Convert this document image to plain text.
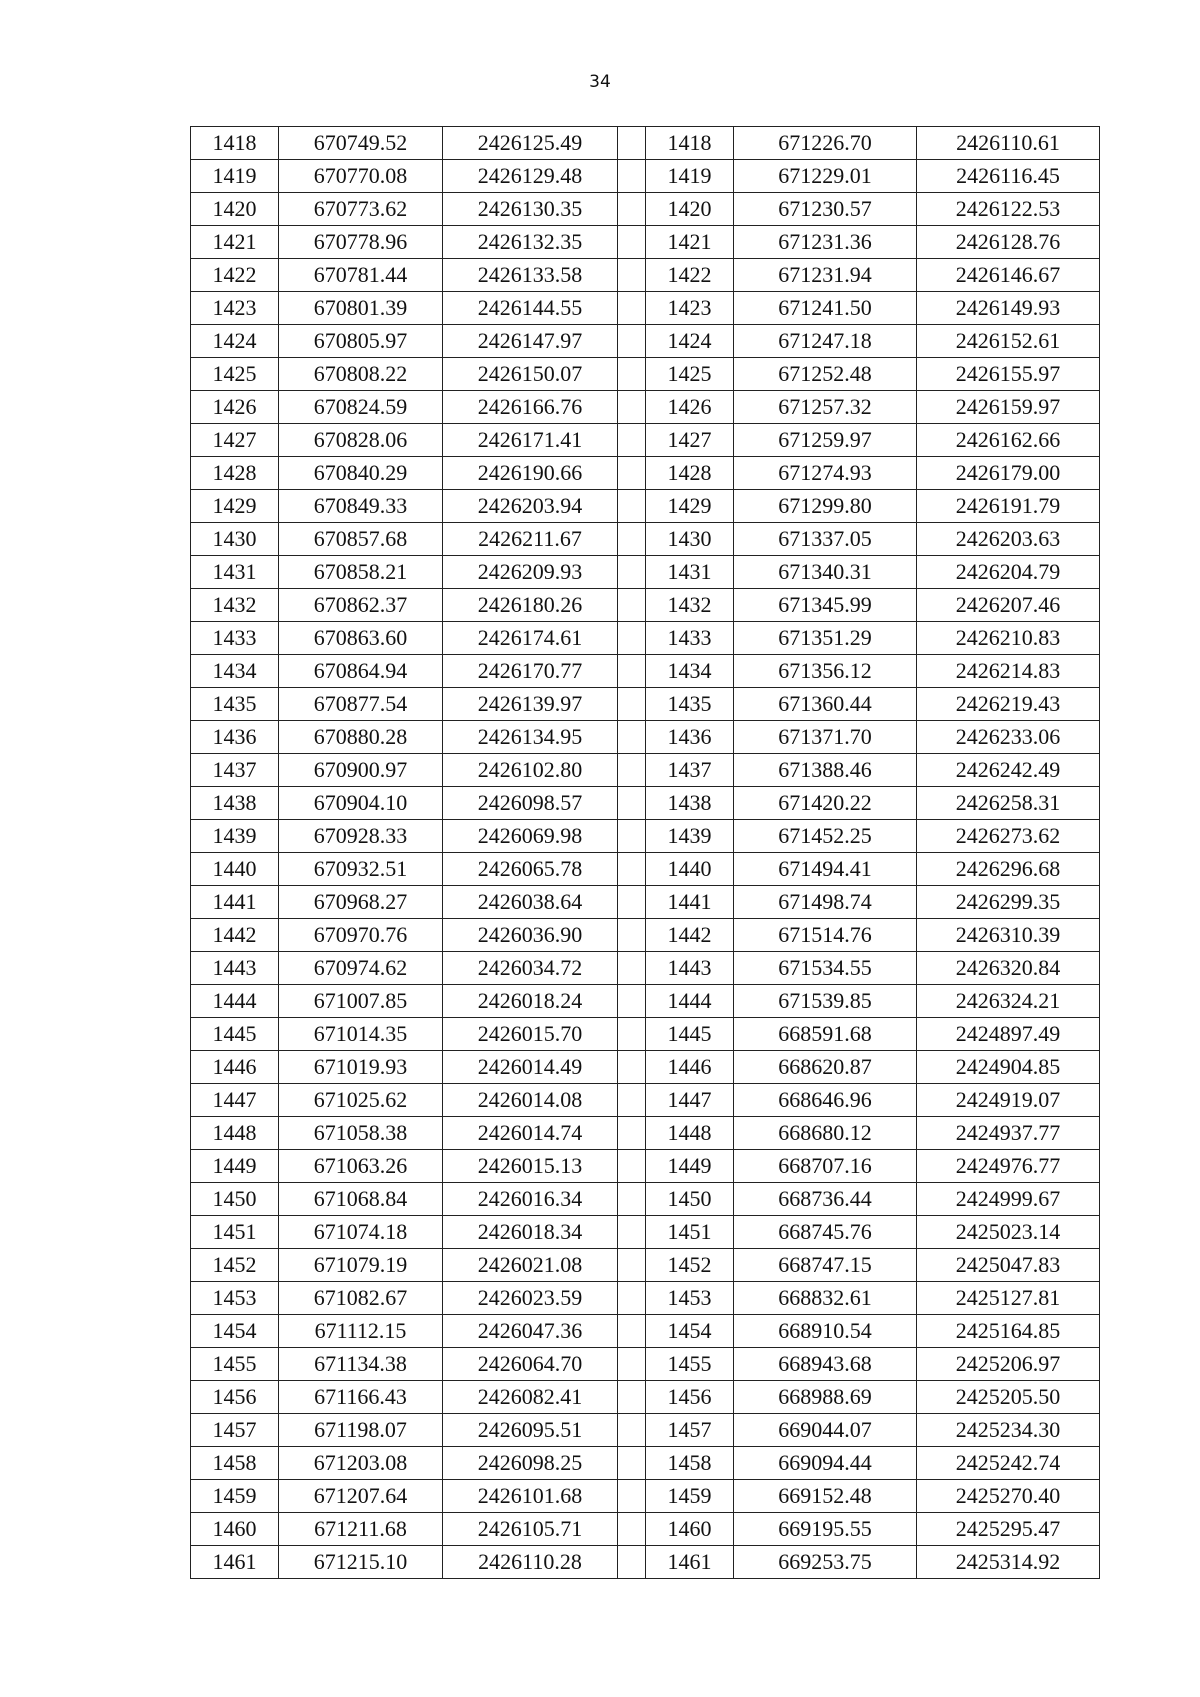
34
1418	670749.52	2426125.49		1418	671226.70	2426110.61
1419	670770.08	2426129.48		1419	671229.01	2426116.45
1420	670773.62	2426130.35		1420	671230.57	2426122.53
1421	670778.96	2426132.35		1421	671231.36	2426128.76
1422	670781.44	2426133.58		1422	671231.94	2426146.67
1423	670801.39	2426144.55		1423	671241.50	2426149.93
1424	670805.97	2426147.97		1424	671247.18	2426152.61
1425	670808.22	2426150.07		1425	671252.48	2426155.97
1426	670824.59	2426166.76		1426	671257.32	2426159.97
1427	670828.06	2426171.41		1427	671259.97	2426162.66
1428	670840.29	2426190.66		1428	671274.93	2426179.00
1429	670849.33	2426203.94		1429	671299.80	2426191.79
1430	670857.68	2426211.67		1430	671337.05	2426203.63
1431	670858.21	2426209.93		1431	671340.31	2426204.79
1432	670862.37	2426180.26		1432	671345.99	2426207.46
1433	670863.60	2426174.61		1433	671351.29	2426210.83
1434	670864.94	2426170.77		1434	671356.12	2426214.83
1435	670877.54	2426139.97		1435	671360.44	2426219.43
1436	670880.28	2426134.95		1436	671371.70	2426233.06
1437	670900.97	2426102.80		1437	671388.46	2426242.49
1438	670904.10	2426098.57		1438	671420.22	2426258.31
1439	670928.33	2426069.98		1439	671452.25	2426273.62
1440	670932.51	2426065.78		1440	671494.41	2426296.68
1441	670968.27	2426038.64		1441	671498.74	2426299.35
1442	670970.76	2426036.90		1442	671514.76	2426310.39
1443	670974.62	2426034.72		1443	671534.55	2426320.84
1444	671007.85	2426018.24		1444	671539.85	2426324.21
1445	671014.35	2426015.70		1445	668591.68	2424897.49
1446	671019.93	2426014.49		1446	668620.87	2424904.85
1447	671025.62	2426014.08		1447	668646.96	2424919.07
1448	671058.38	2426014.74		1448	668680.12	2424937.77
1449	671063.26	2426015.13		1449	668707.16	2424976.77
1450	671068.84	2426016.34		1450	668736.44	2424999.67
1451	671074.18	2426018.34		1451	668745.76	2425023.14
1452	671079.19	2426021.08		1452	668747.15	2425047.83
1453	671082.67	2426023.59		1453	668832.61	2425127.81
1454	671112.15	2426047.36		1454	668910.54	2425164.85
1455	671134.38	2426064.70		1455	668943.68	2425206.97
1456	671166.43	2426082.41		1456	668988.69	2425205.50
1457	671198.07	2426095.51		1457	669044.07	2425234.30
1458	671203.08	2426098.25		1458	669094.44	2425242.74
1459	671207.64	2426101.68		1459	669152.48	2425270.40
1460	671211.68	2426105.71		1460	669195.55	2425295.47
1461	671215.10	2426110.28		1461	669253.75	2425314.92
